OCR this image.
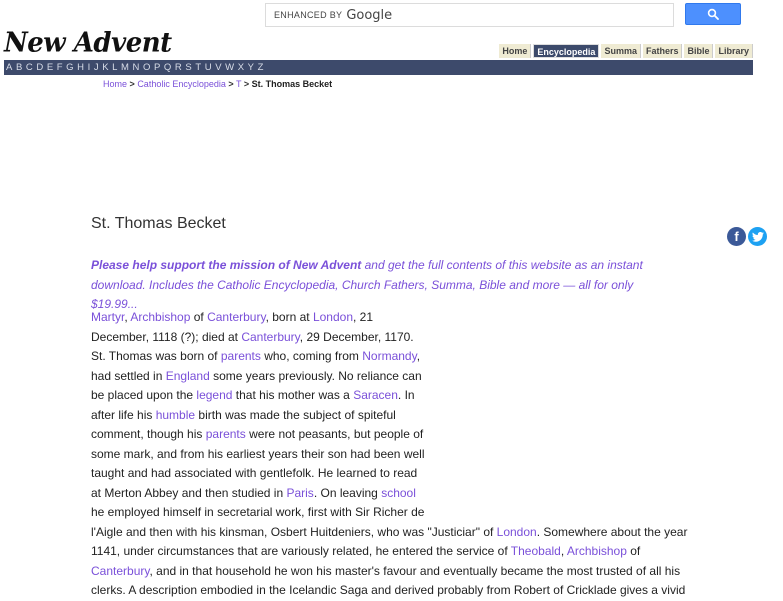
ENHANCED BY Google
New Advent	Home	Encyclopedia	Summa	Fathers	Bible	Library
A B C D E F G H I J K L M N O P Q R S T U V W X Y Z
Home > Catholic Encyclopedia > T > St. Thomas Becket
St. Thomas Becket
f
Please help support the mission of New Advent and get the full contents of this website as an instant
download. Includes the Catholic Encyclopedia, Church Fathers, Summa, Bible and more — all for only $19.99...
Martyr, Archbishop of Canterbury, born at London, 21
December, 1118 (?); died at Canterbury, 29 December, 1170.
St. Thomas was born of parents who, coming from Normandy,
had settled in England some years previously. No reliance can
be placed upon the legend that his mother was a Saracen. In
after life his humble birth was made the subject of spiteful
comment, though his parents were not peasants, but people of
some mark, and from his earliest years their son had been well
taught and had associated with gentlefolk. He learned to read
at Merton Abbey and then studied in Paris. On leaving school
he employed himself in secretarial work, first with Sir Richer de
l'Aigle and then with his kinsman, Osbert Huitdeniers, who was "Justiciar" of London. Somewhere about the year
1141, under circumstances that are variously related, he entered the service of Theobald, Archbishop of
Canterbury, and in that household he won his master's favour and eventually became the most trusted of all his
clerks. A description embodied in the Icelandic Saga and derived probably from Robert of Cricklade gives a vivid
